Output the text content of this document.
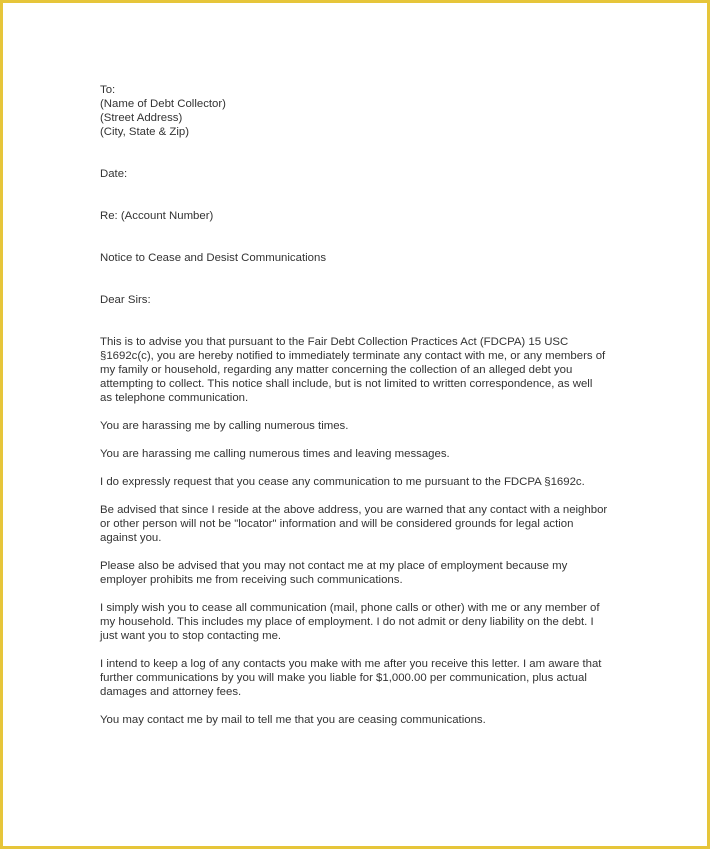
To:
(Name of Debt Collector)
(Street Address)
(City, State & Zip)
Date:
Re: (Account Number)
Notice to Cease and Desist Communications
Dear Sirs:
This is to advise you that pursuant to the Fair Debt Collection Practices Act (FDCPA) 15 USC
§1692c(c), you are hereby notified to immediately terminate any contact with me, or any members of
my family or household, regarding any matter concerning the collection of an alleged debt you
attempting to collect. This notice shall include, but is not limited to written correspondence, as well
as telephone communication.
You are harassing me by calling numerous times.
You are harassing me calling numerous times and leaving messages.
I do expressly request that you cease any communication to me pursuant to the FDCPA §1692c.
Be advised that since I reside at the above address, you are warned that any contact with a neighbor
or other person will not be "locator" information and will be considered grounds for legal action
against you.
Please also be advised that you may not contact me at my place of employment because my
employer prohibits me from receiving such communications.
I simply wish you to cease all communication (mail, phone calls or other) with me or any member of
my household. This includes my place of employment. I do not admit or deny liability on the debt. I
just want you to stop contacting me.
I intend to keep a log of any contacts you make with me after you receive this letter. I am aware that
further communications by you will make you liable for $1,000.00 per communication, plus actual
damages and attorney fees.
You may contact me by mail to tell me that you are ceasing communications.
